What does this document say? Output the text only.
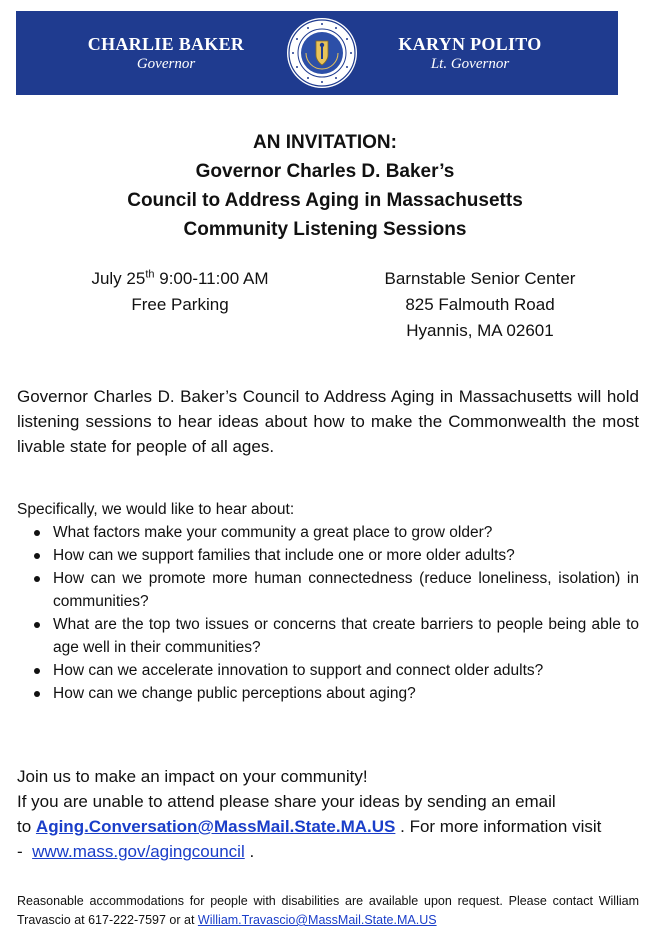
CHARLIE BAKER
Governor
KARYN POLITO
Lt. Governor
AN INVITATION:
Governor Charles D. Baker’s
Council to Address Aging in Massachusetts
Community Listening Sessions
July 25th 9:00-11:00 AM
Free Parking
Barnstable Senior Center
825 Falmouth Road
Hyannis, MA 02601

Governor Charles D. Baker’s Council to Address Aging in Massachusetts will hold listening sessions to hear ideas about how to make the Commonwealth the most livable state for people of all ages.

Specifically, we would like to hear about:
What factors make your community a great place to grow older?
How can we support families that include one or more older adults?
How can we promote more human connectedness (reduce loneliness, isolation) in communities?
What are the top two issues or concerns that create barriers to people being able to age well in their communities?
How can we accelerate innovation to support and connect older adults?
How can we change public perceptions about aging?
Join us to make an impact on your community!
If you are unable to attend please share your ideas by sending an email
to Aging.Conversation@MassMail.State.MA.US . For more information visit
- www.mass.gov/agingcouncil .
Reasonable accommodations for people with disabilities are available upon request. Please contact William Travascio at 617-222-7597 or at William.Travascio@MassMail.State.MA.US
